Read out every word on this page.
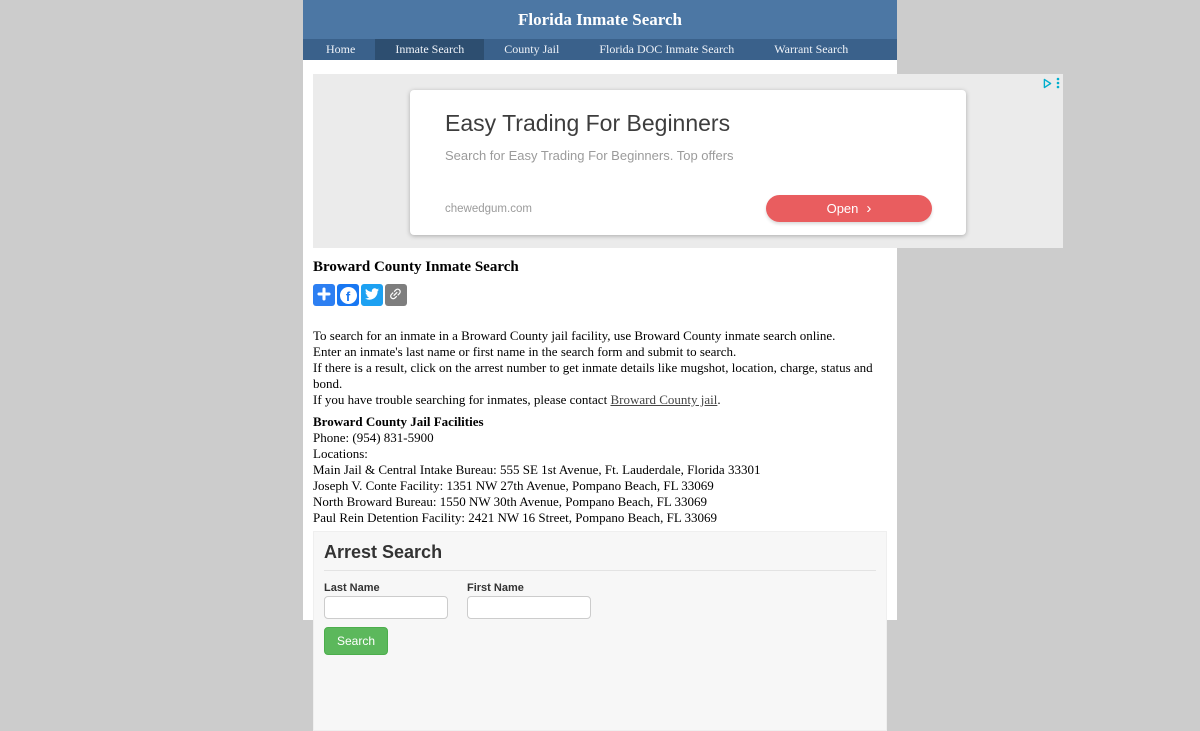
Florida Inmate Search
Home	Inmate Search	County Jail	Florida DOC Inmate Search	Warrant Search
Broward County Inmate Search
f
To search for an inmate in a Broward County jail facility, use Broward County inmate search online.
Enter an inmate's last name or first name in the search form and submit to search.
If there is a result, click on the arrest number to get inmate details like mugshot, location, charge, status and bond.
If you have trouble searching for inmates, please contact Broward County jail.
Broward County Jail Facilities
Phone: (954) 831-5900
Locations:
Main Jail & Central Intake Bureau: 555 SE 1st Avenue, Ft. Lauderdale, Florida 33301
Joseph V. Conte Facility: 1351 NW 27th Avenue, Pompano Beach, FL 33069
North Broward Bureau: 1550 NW 30th Avenue, Pompano Beach, FL 33069
Paul Rein Detention Facility: 2421 NW 16 Street, Pompano Beach, FL 33069
Arrest Search
Last Name	First Name
Search
Easy Trading For Beginners
Search for Easy Trading For Beginners. Top offers
chewedgum.com	Open ›
